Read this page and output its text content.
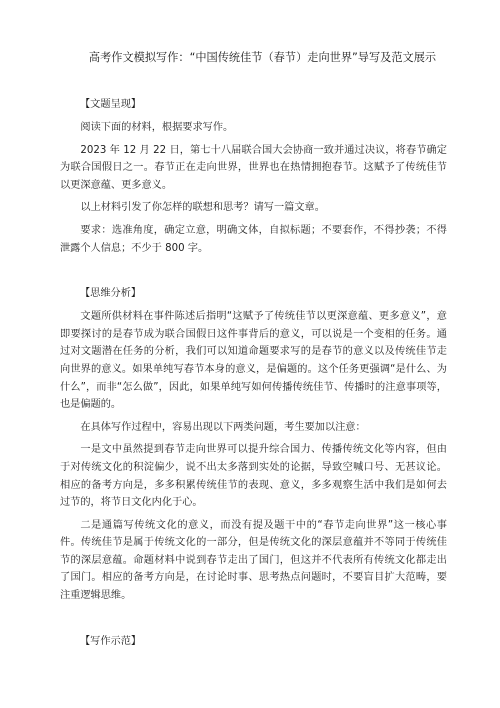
高考作文模拟写作：“中国传统佳节（春节）走向世界”导写及范文展示
【文题呈现】

阅读下面的材料，根据要求写作。

2023 年 12 月 22 日，第七十八届联合国大会协商一致并通过决议，将春节确定为联合国假日之一。春节正在走向世界，世界也在热情拥抱春节。这赋予了传统佳节以更深意蕴、更多意义。

以上材料引发了你怎样的联想和思考？请写一篇文章。

要求：选准角度，确定立意，明确文体，自拟标题；不要套作，不得抄袭；不得泄露个人信息；不少于 800 字。

【思维分析】

文题所供材料在事件陈述后指明“这赋予了传统佳节以更深意蕴、更多意义”，意即要探讨的是春节成为联合国假日这件事背后的意义，可以说是一个变相的任务。通过对文题潜在任务的分析，我们可以知道命题要求写的是春节的意义以及传统佳节走向世界的意义。如果单纯写春节本身的意义，是偏题的。这个任务更强调“是什么、为什么”，而非“怎么做”，因此，如果单纯写如何传播传统佳节、传播时的注意事项等，也是偏题的。

在具体写作过程中，容易出现以下两类问题，考生要加以注意：

一是文中虽然提到春节走向世界可以提升综合国力、传播传统文化等内容，但由于对传统文化的积淀偏少，说不出太多落到实处的论据，导致空喊口号、无甚议论。相应的备考方向是，多多积累传统佳节的表现、意义，多多观察生活中我们是如何去过节的，将节日文化内化于心。

二是通篇写传统文化的意义，而没有提及题干中的“春节走向世界”这一核心事件。传统佳节是属于传统文化的一部分，但是传统文化的深层意蕴并不等同于传统佳节的深层意蕴。命题材料中说到春节走出了国门，但这并不代表所有传统文化都走出了国门。相应的备考方向是，在讨论时事、思考热点问题时，不要盲目扩大范畴，要注重逻辑思维。

【写作示范】
